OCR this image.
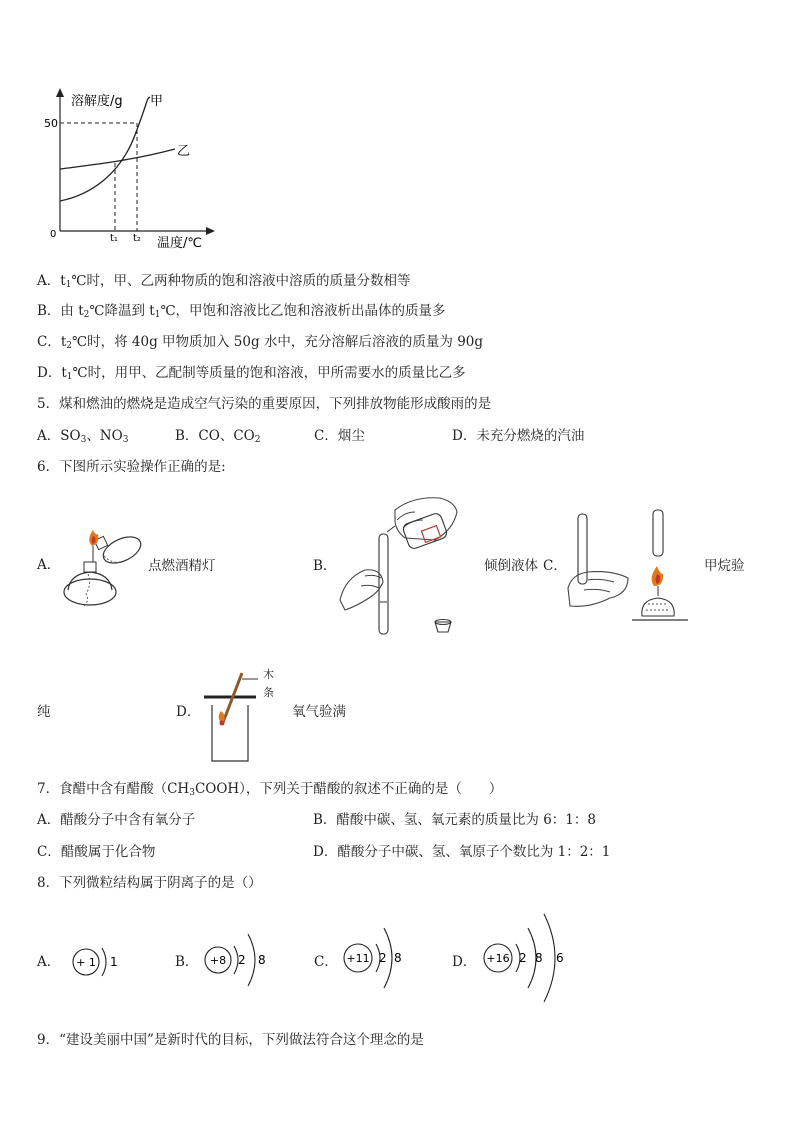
溶解度/g 甲
乙
50
0	t₁ t₂ 温度/℃
A．$t_1℃$时，甲、乙两种物质的饱和溶液中溶质的质量分数相等
B．由 $t_2℃$降温到 $t_1℃$，甲饱和溶液比乙饱和溶液析出晶体的质量多
C．$t_2℃$时，将 40g 甲物质加入 50g 水中，充分溶解后溶液的质量为 90g
D．$t_1℃$时，用甲、乙配制等质量的饱和溶液，甲所需要水的质量比乙多
5．煤和燃油的燃烧是造成空气污染的重要原因，下列排放物能形成酸雨的是
A．$SO_3$、$NO_3$	B．CO、$CO_2$	C．烟尘	D．未充分燃烧的汽油
6．下图所示实验操作正确的是:
A．	点燃酒精灯	B．	倾倒液体 C．	甲烷验
纯	D．
木
条
氧气验满
7．食醋中含有醋酸$(CH_3COOH)$，下列关于醋酸的叙述不正确的是（　　）
A．醋酸分子中含有氧分子	B．醋酸中碳、氢、氧元素的质量比为 6：1：8
C．醋酸属于化合物	D．醋酸分子中碳、氢、氧原子个数比为 1：2：1
8．下列微粒结构属于阴离子的是（）
A． + 1 1	B． +8 2 8	C． +11 2 8	D． +16 2 8 6
9．“建设美丽中国”是新时代的目标，下列做法符合这个理念的是
